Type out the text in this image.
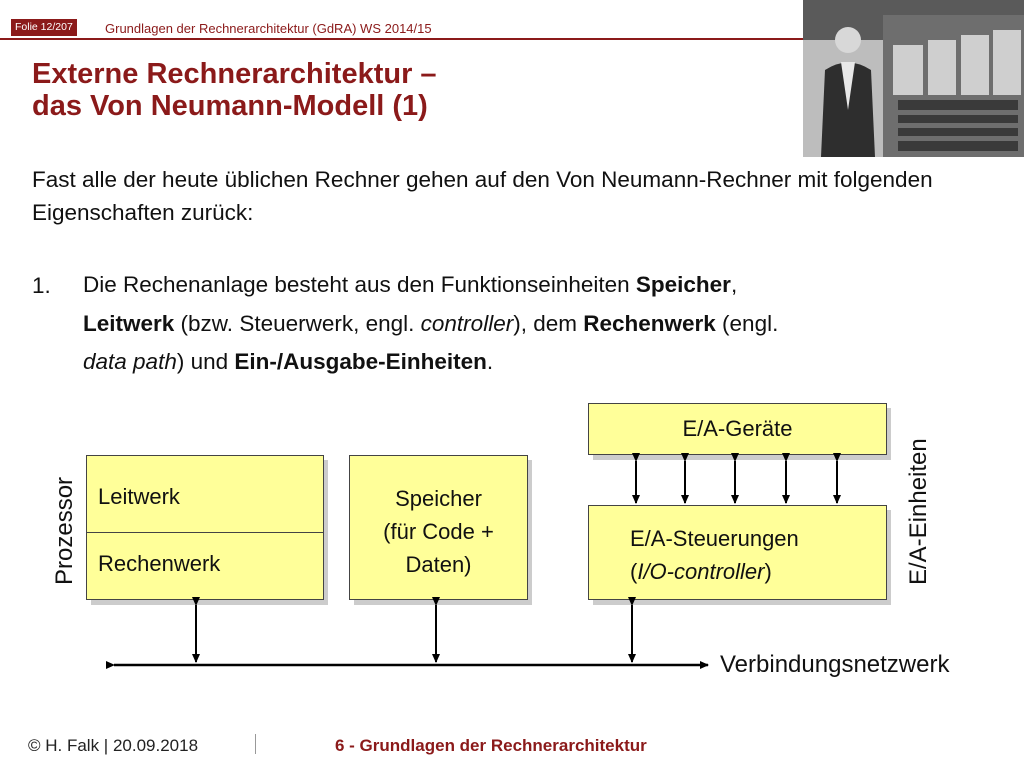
Folie 12/207	Grundlagen der Rechnerarchitektur (GdRA) WS 2014/15
Externe Rechnerarchitektur –
das Von Neumann-Modell (1)
Fast alle der heute üblichen Rechner gehen auf den Von Neumann-Rechner mit folgenden Eigenschaften zurück:
1. Die Rechenanlage besteht aus den Funktionseinheiten Speicher,
Leitwerk (bzw. Steuerwerk, engl. controller), dem Rechenwerk (engl.
data path) und Ein-/Ausgabe-Einheiten.
Leitwerk
Rechenwerk
Speicher
(für Code +
Daten)
E/A-Geräte
E/A-Steuerungen
(I/O-controller)
Prozessor	E/A-Einheiten
Verbindungsnetzwerk
© H. Falk | 20.09.2018	6 - Grundlagen der Rechnerarchitektur
